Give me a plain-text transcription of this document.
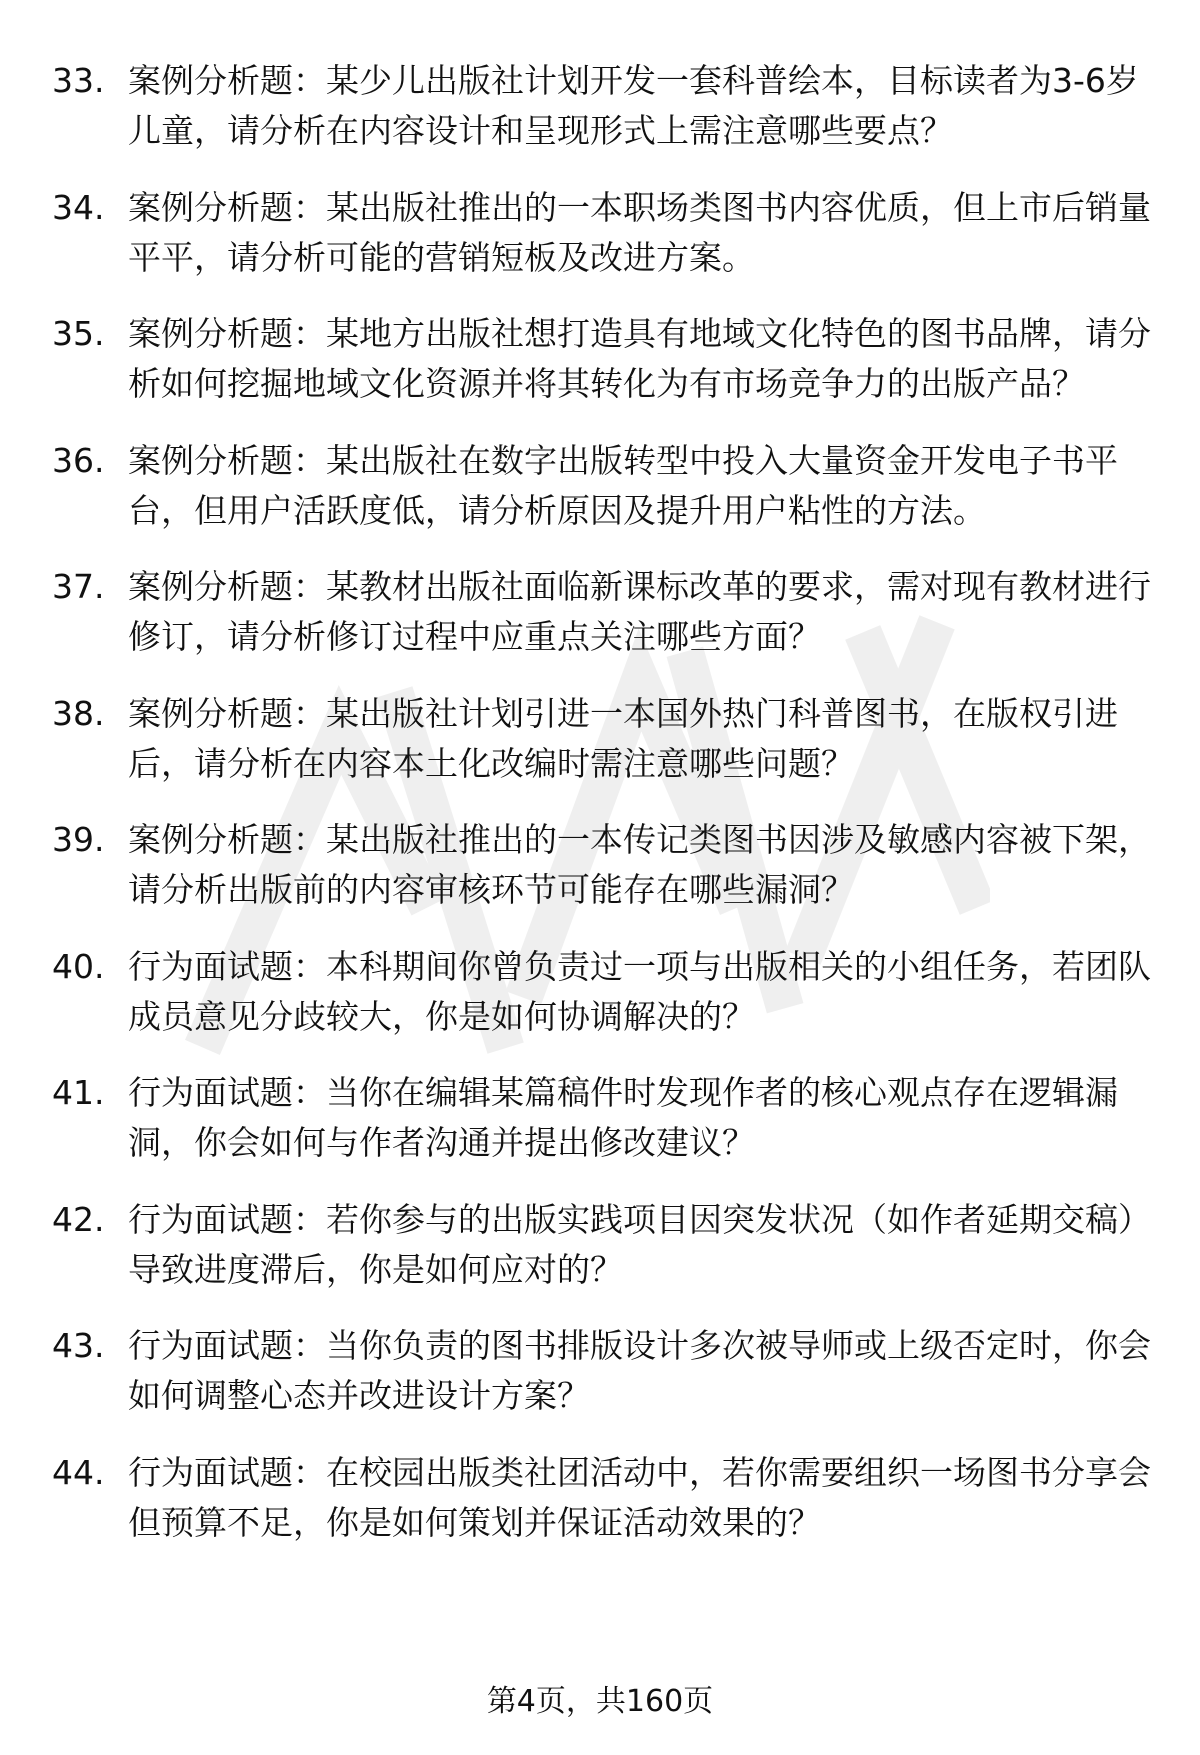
33. 案例分析题：某少儿出版社计划开发一套科普绘本，目标读者为3-6岁儿童，请分析在内容设计和呈现形式上需注意哪些要点？
34. 案例分析题：某出版社推出的一本职场类图书内容优质，但上市后销量平平，请分析可能的营销短板及改进方案。
35. 案例分析题：某地方出版社想打造具有地域文化特色的图书品牌，请分析如何挖掘地域文化资源并将其转化为有市场竞争力的出版产品？
36. 案例分析题：某出版社在数字出版转型中投入大量资金开发电子书平台，但用户活跃度低，请分析原因及提升用户粘性的方法。
37. 案例分析题：某教材出版社面临新课标改革的要求，需对现有教材进行修订，请分析修订过程中应重点关注哪些方面？
38. 案例分析题：某出版社计划引进一本国外热门科普图书，在版权引进后，请分析在内容本土化改编时需注意哪些问题？
39. 案例分析题：某出版社推出的一本传记类图书因涉及敏感内容被下架，请分析出版前的内容审核环节可能存在哪些漏洞？
40. 行为面试题：本科期间你曾负责过一项与出版相关的小组任务，若团队成员意见分歧较大，你是如何协调解决的？
41. 行为面试题：当你在编辑某篇稿件时发现作者的核心观点存在逻辑漏洞，你会如何与作者沟通并提出修改建议？
42. 行为面试题：若你参与的出版实践项目因突发状况（如作者延期交稿）导致进度滞后，你是如何应对的？
43. 行为面试题：当你负责的图书排版设计多次被导师或上级否定时，你会如何调整心态并改进设计方案？
44. 行为面试题：在校园出版类社团活动中，若你需要组织一场图书分享会但预算不足，你是如何策划并保证活动效果的？
第4页，共160页
